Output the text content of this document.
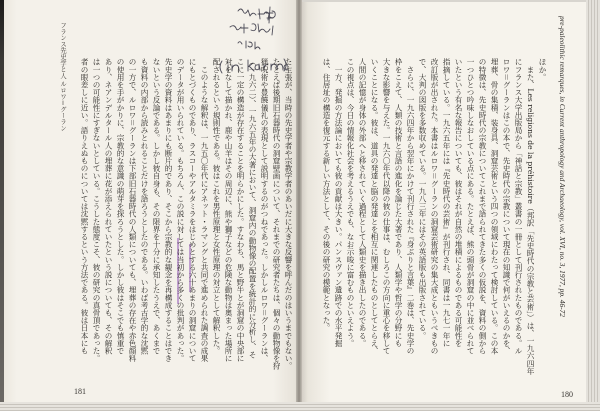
フランス先史学と人 ルロワ＝グーラン	た主張が、当時の先史学者や宗教学者のあいだに大きな反響を呼んだのはいうまでもない。
たとえば後期旧石器時代の洞窟壁画について、それまでの研究者たちは、個々の動物像を狩
猟呪術や豊饒儀礼の表現として説明するのがつねであった。しかしルロワ＝グーランは、
（一九六二）、一九六五年の大著において、洞窟内の動物像の配置を統計的に分析し、そ
こに一定の構造が存在することを明らかにした。すなわち、馬と野牛とが洞窟の中央部に
対をなして描かれ、鹿や山羊はその周辺に、熊や獅子などの危険な動物は奥まった場所に
配されるという規則性である。彼はこれを男性原理と女性原理の対立として解釈した。
　このような解釈は、一九五〇年代にアネット・ラマングと共同で進められた調査の成果
にもとづくものであり、ラスコーやアルタミラをはじめとする六十あまりの洞窟について
のデータが用いられている。もちろん、この説に対しては当初から多くの批判があった。
先史学の資料はあまりにも断片的であり、そこから宗教的な観念を再構成することはでき
ないという反論である。しかし彼自身も、その限界を十分に承知したうえで、あくまで
も資料の内部から読みとれることだけを語ろうとしたのである。いわば考古学的な沈黙
の一方で、ルロワ＝グーランは下部旧石器時代の人類についても、埋葬の存在や赤色顔料
の使用を手がかりに、宗教的な意識の萌芽を探ろうとした。しかし彼はそこでも慎重で
あり、ネアンデルタール人の埋葬に花が添えられていたという説についても、その解釈
は一つの可能性にすぎないとしている。こうした態度こそ、彼の研究の真骨頂であった。
者の眼差しに近い。語りえぬものについては沈黙するという方法である。彼は日本にも
181
pre-paleolithic remarques, in Current anthropology and Archaeology, vol. XVI, no. 3, 1977, pp. 46-72
ほか。
　また、Les religions de la préhistoire（邦訳「先史時代の宗教と芸術」）は、一九六四年
にフランス大学出版局から「神話と宗教」叢書の一冊として刊行されたものである。ル
ロワ＝グーランはこの本で、先史時代の宗教について現在の知識で何がいえるのかを、
埋葬、骨の集積、装身具、洞窟芸術という四つの領域にわたって検討している。この本
の特徴は、先史時代の宗教についてこれまで語られてきた多くの仮説を、資料の側から
一つひとつ吟味しなおしている点にある。たとえば、熊の頭骨が洞窟の中に並べられて
いたという有名な報告についても、彼はそれが自然の堆積によるものである可能性を
指摘している。一九六五年には『先史時代の芸術』が刊行され、同書は一九七一年に
改訂版が出された。本書はルロワ＝グーランの洞窟芸術研究の集大成ともいうべきもの
で、大判の図版を多数収めている。一九八三年にはその英語版も出版されている。
　さらに、一九六四年から翌年にかけて刊行された『身ぶりと言葉』二巻は、先史学の
枠をこえて、人類の技術と言語の進化を論じた大著であり、人類学や哲学の分野にも
大きな影響を与えた。一九六〇年代以降の彼の仕事は、むしろこの方向に重心を移して
いくことになる。彼は、道具の発達と脳の発達とを相互に関連したものとしてとらえ、
人間の記憶が身体の外部へと移されていく過程として人類史を描き出したのである。
この視点は、今日の情報化社会を考えるうえでも、なお示唆に富むものといえよう。
　一方、発掘の方法論においても彼の貢献は大きい。パンスヴァン遺跡での水平発掘
は、住居址の構造を復元する新しい方法として、その後の研究の模範となった。
180
